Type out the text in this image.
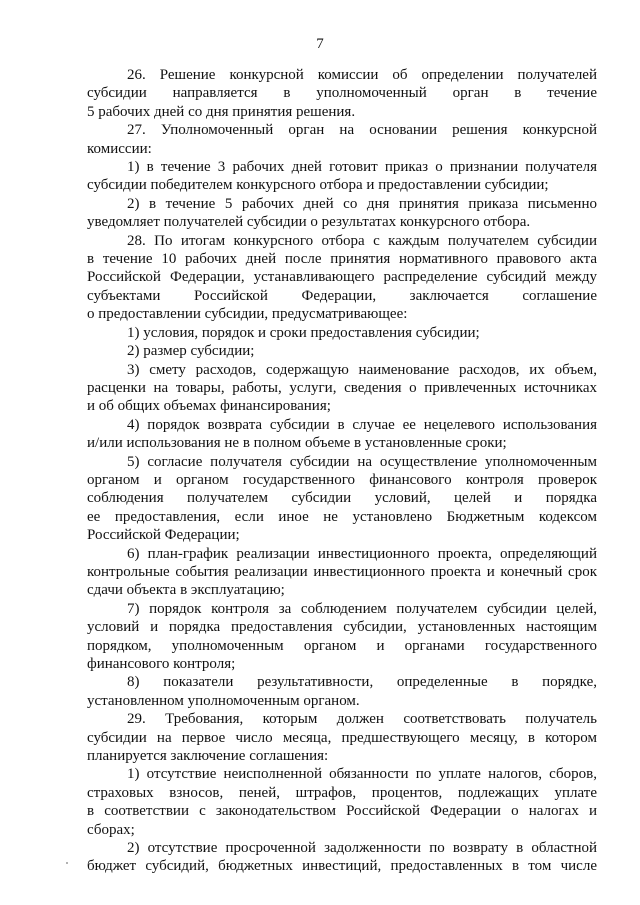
7

26. Решение конкурсной комиссии об определении получателей

субсидии направляется в уполномоченный орган в течение

5 рабочих дней со дня принятия решения.

27. Уполномоченный орган на основании решения конкурсной

комиссии:

1) в течение 3 рабочих дней готовит приказ о признании получателя

субсидии победителем конкурсного отбора и предоставлении субсидии;

2) в течение 5 рабочих дней со дня принятия приказа письменно

уведомляет получателей субсидии о результатах конкурсного отбора.

28. По итогам конкурсного отбора с каждым получателем субсидии

в течение 10 рабочих дней после принятия нормативного правового акта

Российской Федерации, устанавливающего распределение субсидий между

субъектами Российской Федерации, заключается соглашение

о предоставлении субсидии, предусматривающее:

1) условия, порядок и сроки предоставления субсидии;

2) размер субсидии;

3) смету расходов, содержащую наименование расходов, их объем,

расценки на товары, работы, услуги, сведения о привлеченных источниках

и об общих объемах финансирования;

4) порядок возврата субсидии в случае ее нецелевого использования

и/или использования не в полном объеме в установленные сроки;

5) согласие получателя субсидии на осуществление уполномоченным

органом и органом государственного финансового контроля проверок

соблюдения получателем субсидии условий, целей и порядка

ее предоставления, если иное не установлено Бюджетным кодексом

Российской Федерации;

6) план-график реализации инвестиционного проекта, определяющий

контрольные события реализации инвестиционного проекта и конечный срок

сдачи объекта в эксплуатацию;

7) порядок контроля за соблюдением получателем субсидии целей,

условий и порядка предоставления субсидии, установленных настоящим

порядком, уполномоченным органом и органами государственного

финансового контроля;

8) показатели результативности, определенные в порядке,

установленном уполномоченным органом.

29. Требования, которым должен соответствовать получатель

субсидии на первое число месяца, предшествующего месяцу, в котором

планируется заключение соглашения:

1) отсутствие неисполненной обязанности по уплате налогов, сборов,

страховых взносов, пеней, штрафов, процентов, подлежащих уплате

в соответствии с законодательством Российской Федерации о налогах и

сборах;

2) отсутствие просроченной задолженности по возврату в областной

бюджет субсидий, бюджетных инвестиций, предоставленных в том числе
